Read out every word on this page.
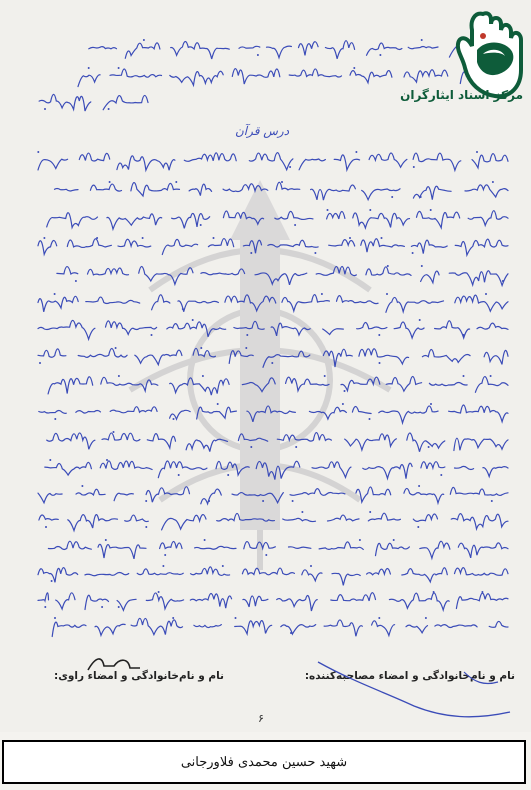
درس قرآن
مرکز اسناد ایثارگران
نام و نام‌خانوادگی و امضاء مصاحبه‌کننده:
نام و نام‌خانوادگی و امضاء راوی:
۶
شهید حسین محمدی فلاورجانی
